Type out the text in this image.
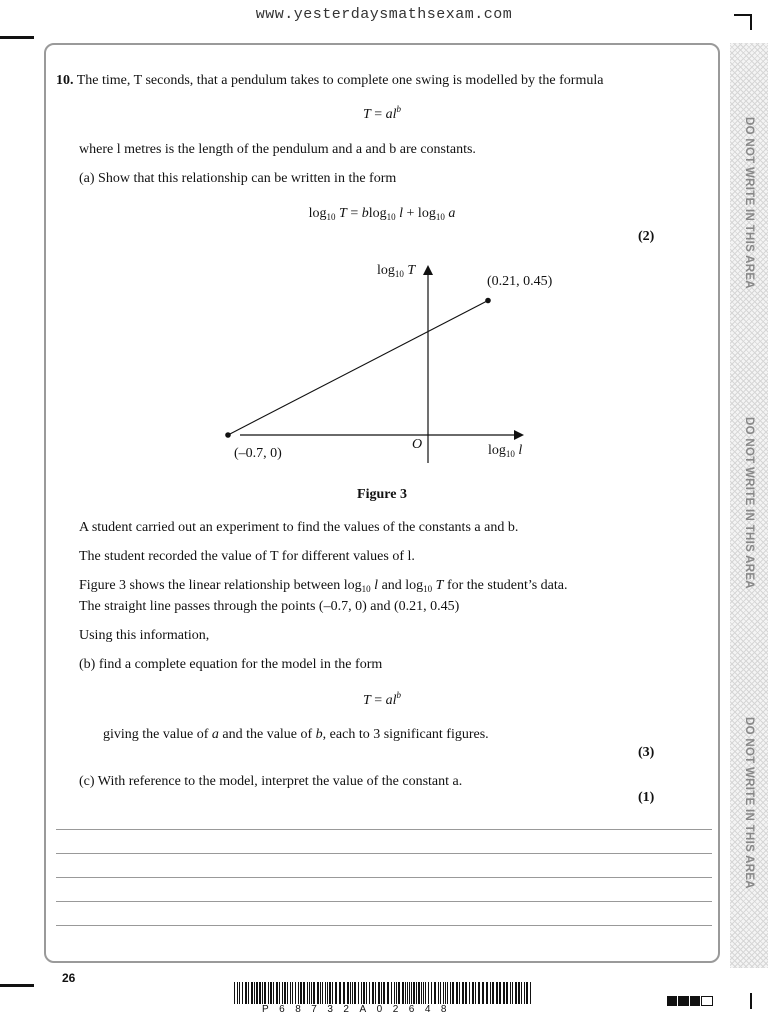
www.yesterdaysmathsexam.com
DO NOT WRITE IN THIS AREA
DO NOT WRITE IN THIS AREA
DO NOT WRITE IN THIS AREA
10. The time, T seconds, that a pendulum takes to complete one swing is modelled by the formula
$T = al^b$
where l metres is the length of the pendulum and a and b are constants.
(a) Show that this relationship can be written in the form
$\log_{10} T = blog_{10}$ $l + \log_{10} a$
(2)
$\log_{10} T$
$\log_{10} l$
O
(0.21, 0.45)
(–0.7, 0)
Figure 3
A student carried out an experiment to find the values of the constants a and b.
The student recorded the value of T for different values of l.
Figure 3 shows the linear relationship between $\log_{10} l$ and $\log_{10} T$ for the student’s data.
The straight line passes through the points (–0.7, 0) and (0.21, 0.45)
Using this information,
(b) find a complete equation for the model in the form
$T = al^b$
giving the value of a and the value of b, each to 3 significant figures.
(3)
(c) With reference to the model, interpret the value of the constant a.
(1)
26
P68732A02648
